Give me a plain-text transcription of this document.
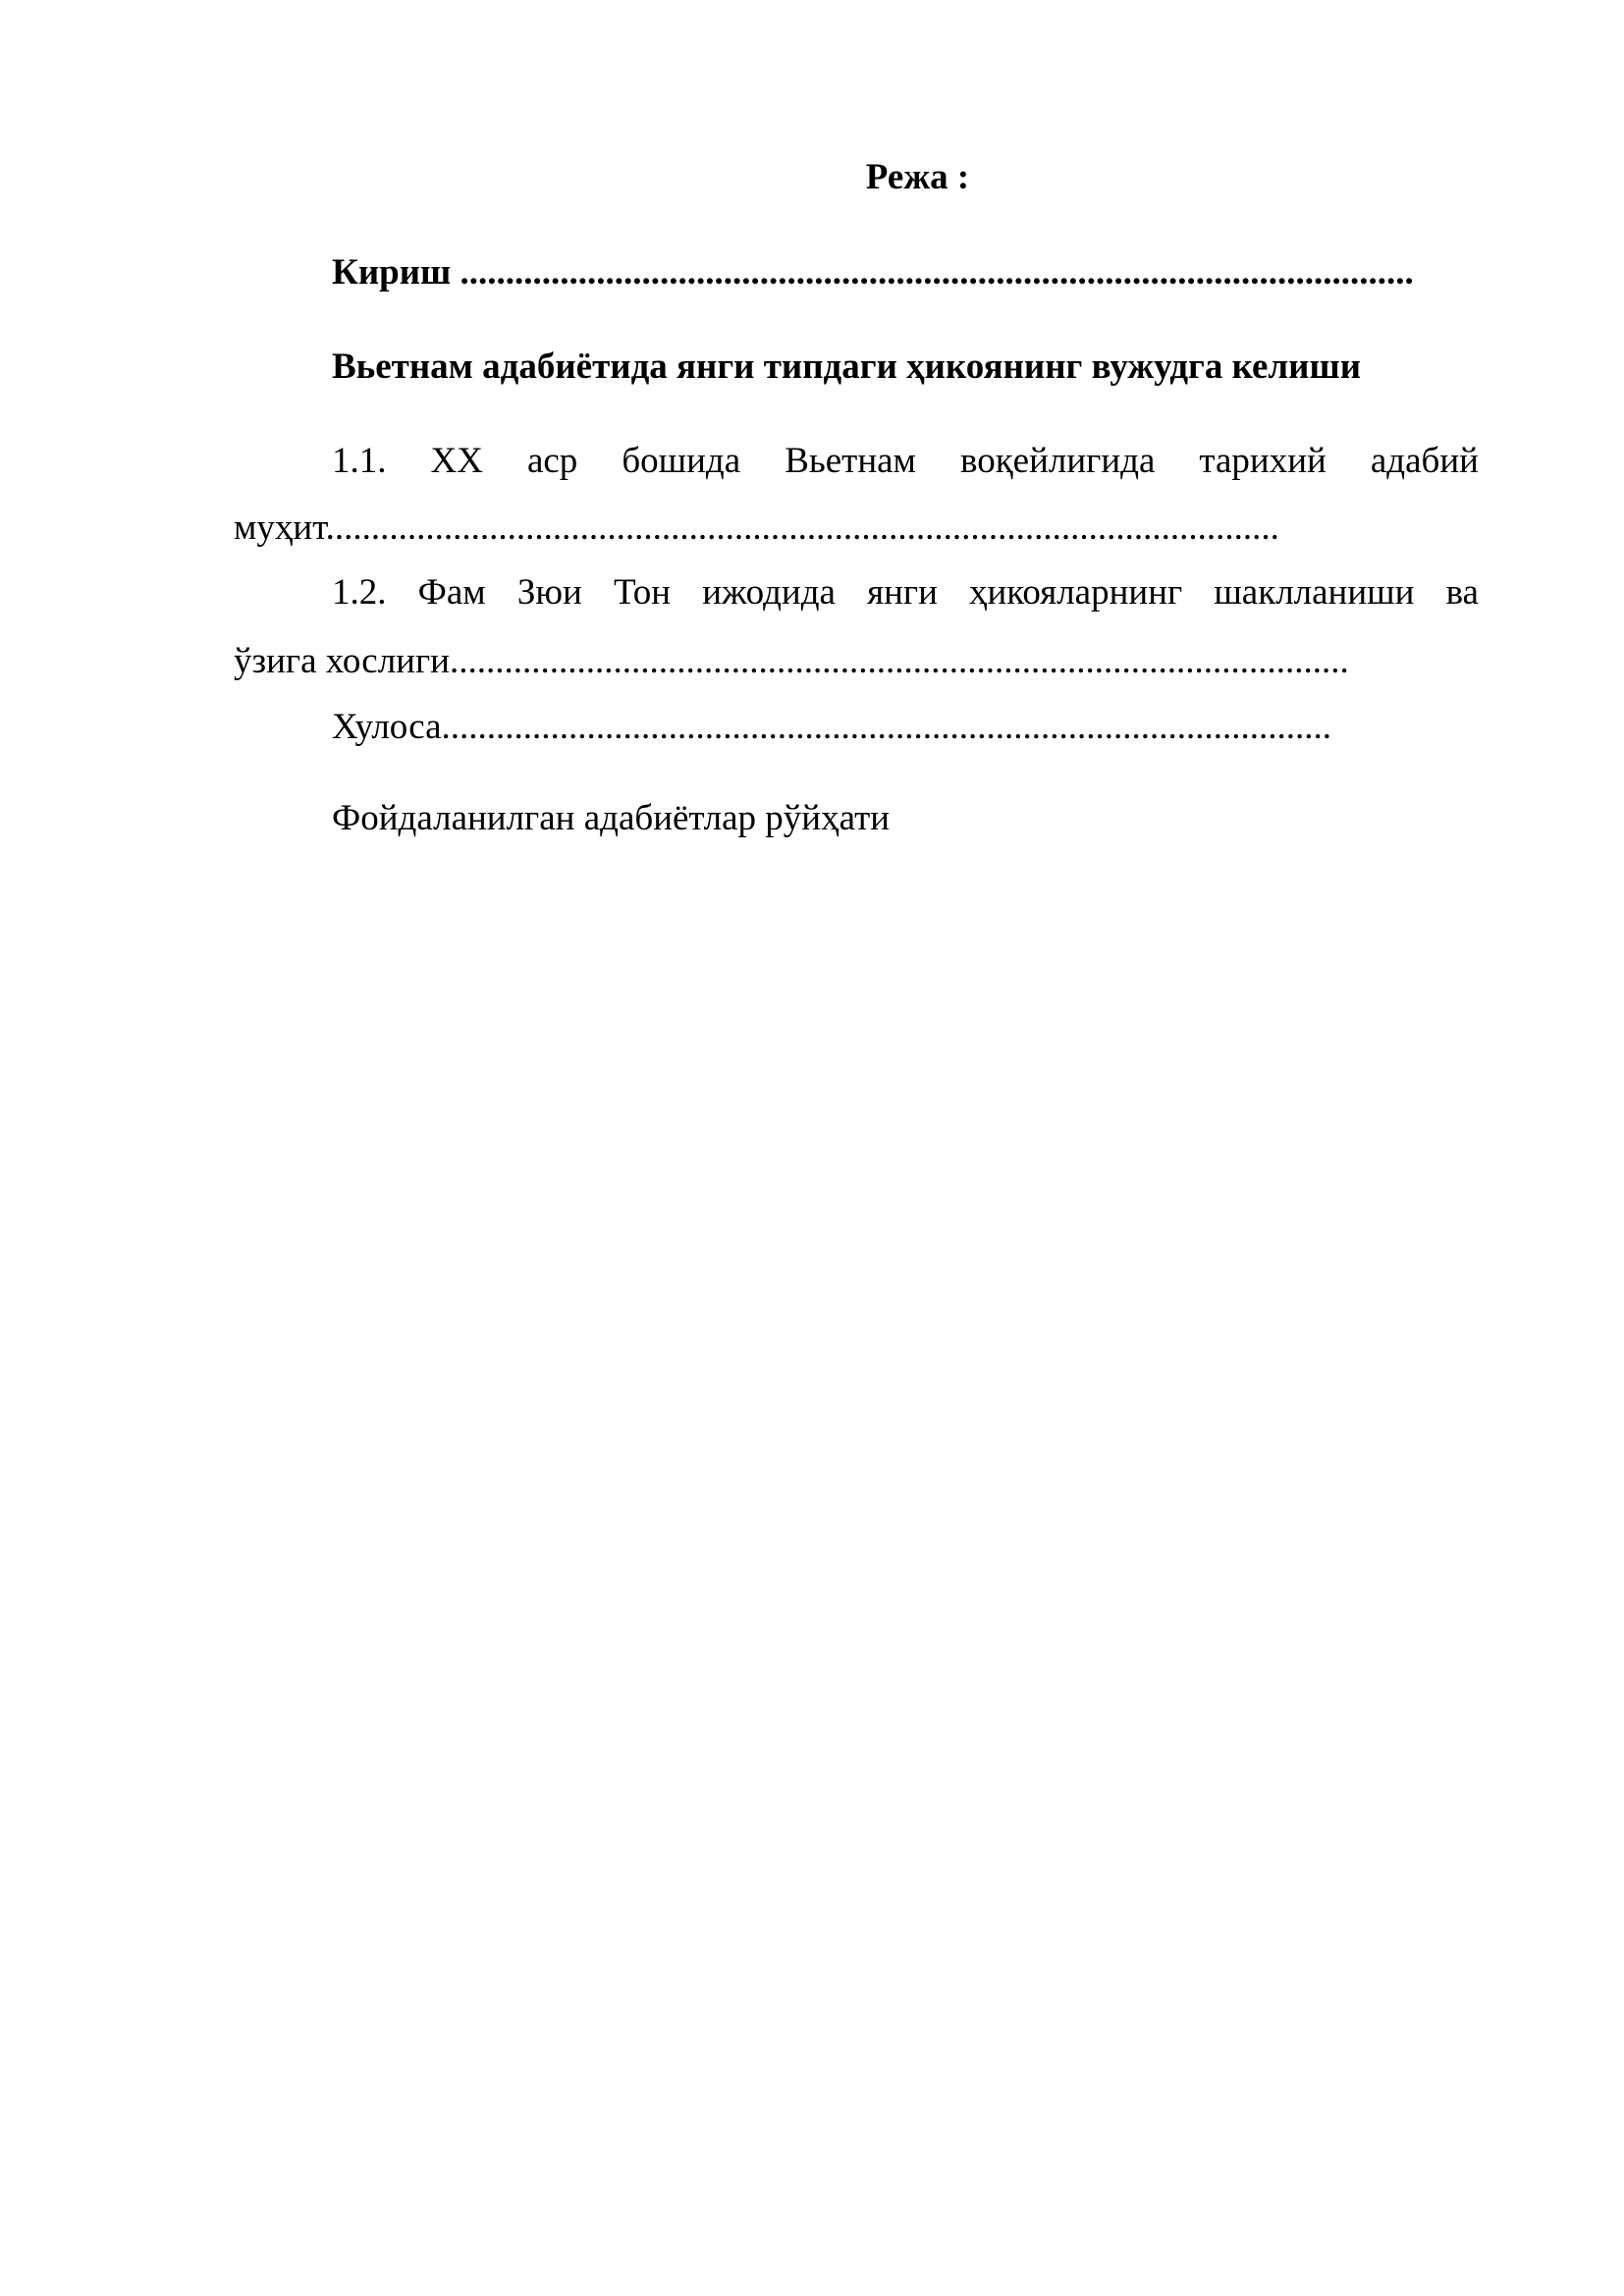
Режа :
Кириш .........................................................................................................
Вьетнам адабиётида янги типдаги ҳикоянинг вужудга келиши
1.1. XX аср бошида Вьетнам воқейлигида тарихий адабий
муҳит.........................................................................................................
1.2. Фам Зюи Тон ижодида янги ҳикояларнинг шаклланиши ва
ўзига хослиги...................................................................................................
Хулоса..................................................................................................
Фойдаланилган адабиётлар рўйҳати
